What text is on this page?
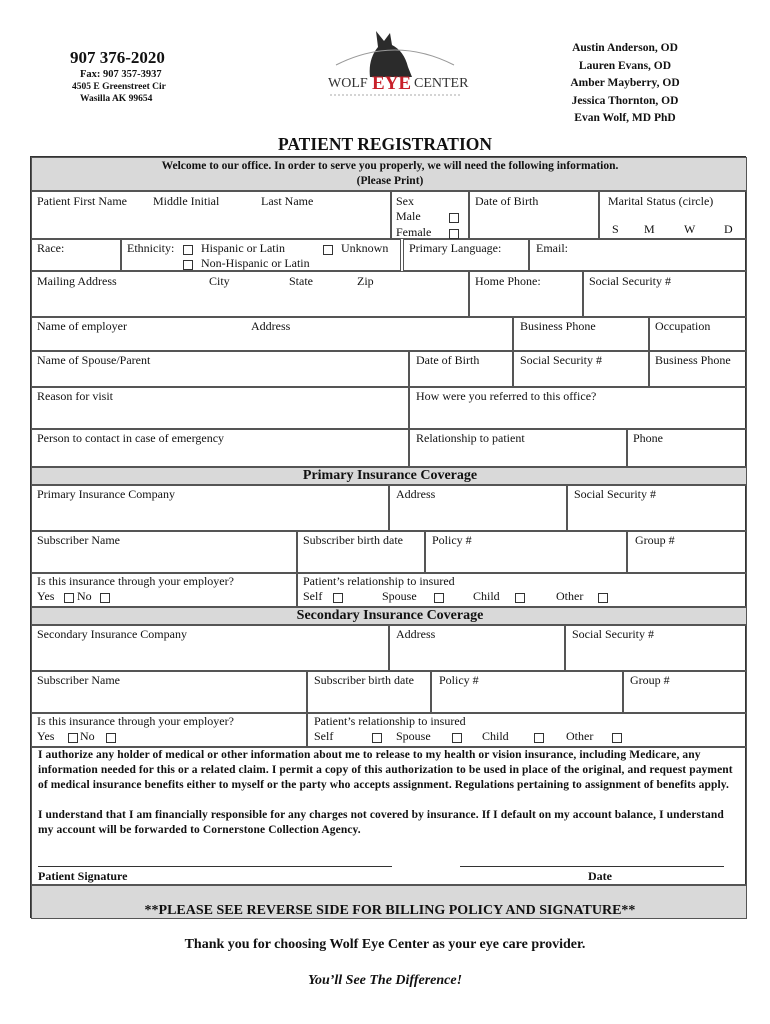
907 376-2020
Fax: 907 357-3937
4505 E Greenstreet Cir
Wasilla AK 99654
WOLF EYE CENTER
Austin Anderson, OD
Lauren Evans, OD
Amber Mayberry, OD
Jessica Thornton, OD
Evan Wolf, MD PhD
PATIENT REGISTRATION
Welcome to our office. In order to serve you properly, we will need the following information.
(Please Print)
Patient First Name Middle Initial	Last Name	Sex
Male
Female
Date of Birth	Marital Status (circle)
S M W D
Race:	Ethnicity: Hispanic or Latin	Unknown
Non-Hispanic or Latin
Primary Language:	Email:
Mailing Address	City	State	Zip	Home Phone:	Social Security #
Name of employer	Address	Business Phone	Occupation
Name of Spouse/Parent	Date of Birth	Social Security #	Business Phone
Reason for visit	How were you referred to this office?
Person to contact in case of emergency	Relationship to patient	Phone
Primary Insurance Coverage
Primary Insurance Company	Address	Social Security #
Subscriber Name	Subscriber birth date Policy #	Group #
Is this insurance through your employer?
Yes No
Patient’s relationship to insured
Self	Spouse	Child	Other
Secondary Insurance Coverage
Secondary Insurance Company	Address	Social Security #
Subscriber Name	Subscriber birth date Policy #	Group #
Is this insurance through your employer?
Yes No
Patient’s relationship to insured
Self	Spouse	Child	Other
I authorize any holder of medical or other information about me to release to my health or vision insurance, including Medicare, any information needed for this or a related claim. I permit a copy of this authorization to be used in place of the original, and request payment of medical insurance benefits either to myself or the party who accepts assignment. Regulations pertaining to assignment of benefits apply.
I understand that I am financially responsible for any charges not covered by insurance. If I default on my account balance, I understand my account will be forwarded to Cornerstone Collection Agency.
Patient Signature	Date
**PLEASE SEE REVERSE SIDE FOR BILLING POLICY AND SIGNATURE**
Thank you for choosing Wolf Eye Center as your eye care provider.
You’ll See The Difference!
